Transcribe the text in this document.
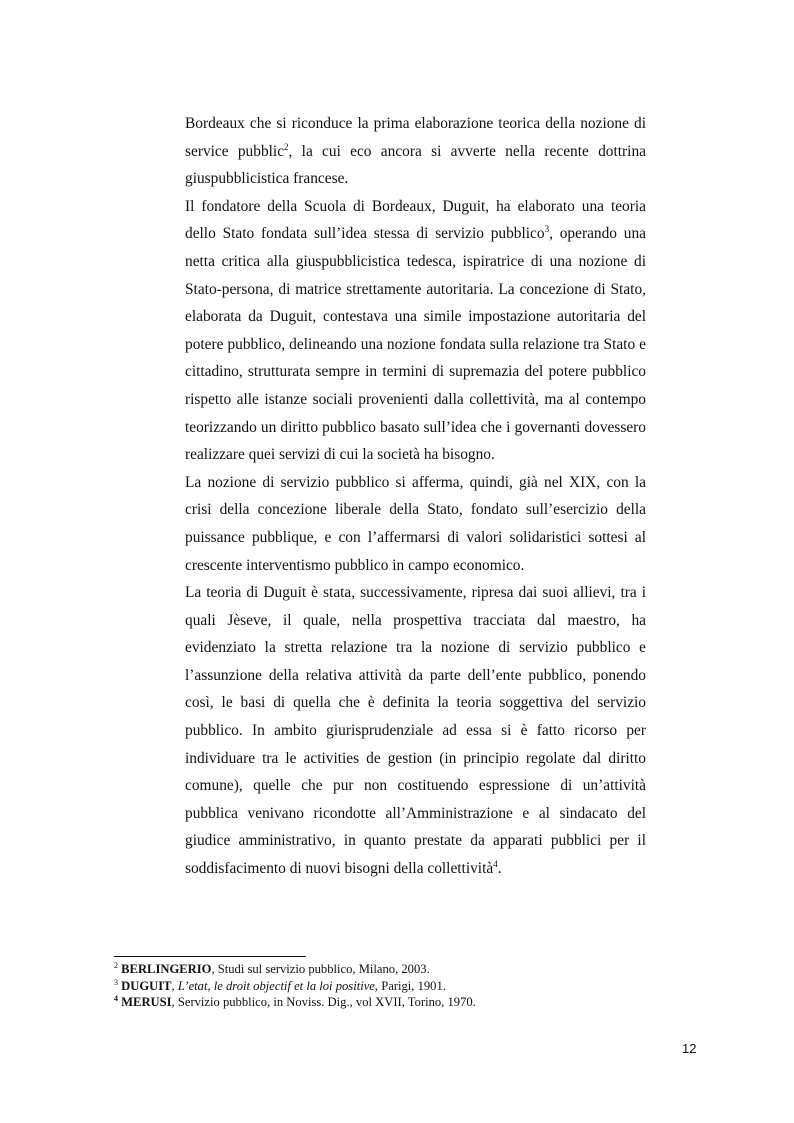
Bordeaux che si riconduce la prima elaborazione teorica della nozione di service pubblic$^2$, la cui eco ancora si avverte nella recente dottrina giuspubblicistica francese.

Il fondatore della Scuola di Bordeaux, Duguit, ha elaborato una teoria dello Stato fondata sull’idea stessa di servizio pubblico$^3$, operando una netta critica alla giuspubblicistica tedesca, ispiratrice di una nozione di Stato-persona, di matrice strettamente autoritaria. La concezione di Stato, elaborata da Duguit, contestava una simile impostazione autoritaria del potere pubblico, delineando una nozione fondata sulla relazione tra Stato e cittadino, strutturata sempre in termini di supremazia del potere pubblico rispetto alle istanze sociali provenienti dalla collettività, ma al contempo teorizzando un diritto pubblico basato sull’idea che i governanti dovessero realizzare quei servizi di cui la società ha bisogno.

La nozione di servizio pubblico si afferma, quindi, già nel XIX, con la crisi della concezione liberale della Stato, fondato sull’esercizio della puissance pubblique, e con l’affermarsi di valori solidaristici sottesi al crescente interventismo pubblico in campo economico.

La teoria di Duguit è stata, successivamente, ripresa dai suoi allievi, tra i quali Jèseve, il quale, nella prospettiva tracciata dal maestro, ha evidenziato la stretta relazione tra la nozione di servizio pubblico e l’assunzione della relativa attività da parte dell’ente pubblico, ponendo così, le basi di quella che è definita la teoria soggettiva del servizio pubblico. In ambito giurisprudenziale ad essa si è fatto ricorso per individuare tra le activities de gestion (in principio regolate dal diritto comune), quelle che pur non costituendo espressione di un’attività pubblica venivano ricondotte all’Amministrazione e al sindacato del giudice amministrativo, in quanto prestate da apparati pubblici per il soddisfacimento di nuovi bisogni della collettività$^4$.

$^2$ BERLINGERIO, Studi sul servizio pubblico, Milano, 2003.
$^3$ DUGUIT, L’etat, le droit objectif et la loi positive, Parigi, 1901.
$^4$ MERUSI, Servizio pubblico, in Noviss. Dig., vol XVII, Torino, 1970.
12
